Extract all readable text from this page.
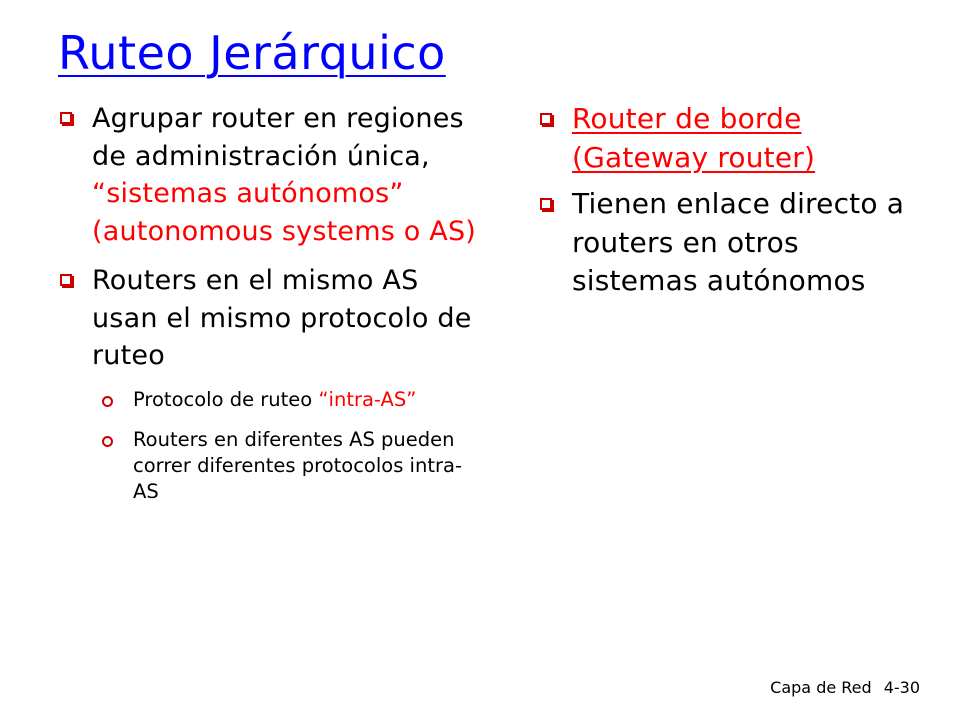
Ruteo Jerárquico
Agrupar router en regiones de administración única, “sistemas autónomos” (autonomous systems o AS)
Routers en el mismo AS usan el mismo protocolo de ruteo
Protocolo de ruteo “intra-AS”
Routers en diferentes AS pueden correr diferentes protocolos intra-AS
Router de borde (Gateway router)
Tienen enlace directo a routers en otros sistemas autónomos
Capa de Red 4-30
